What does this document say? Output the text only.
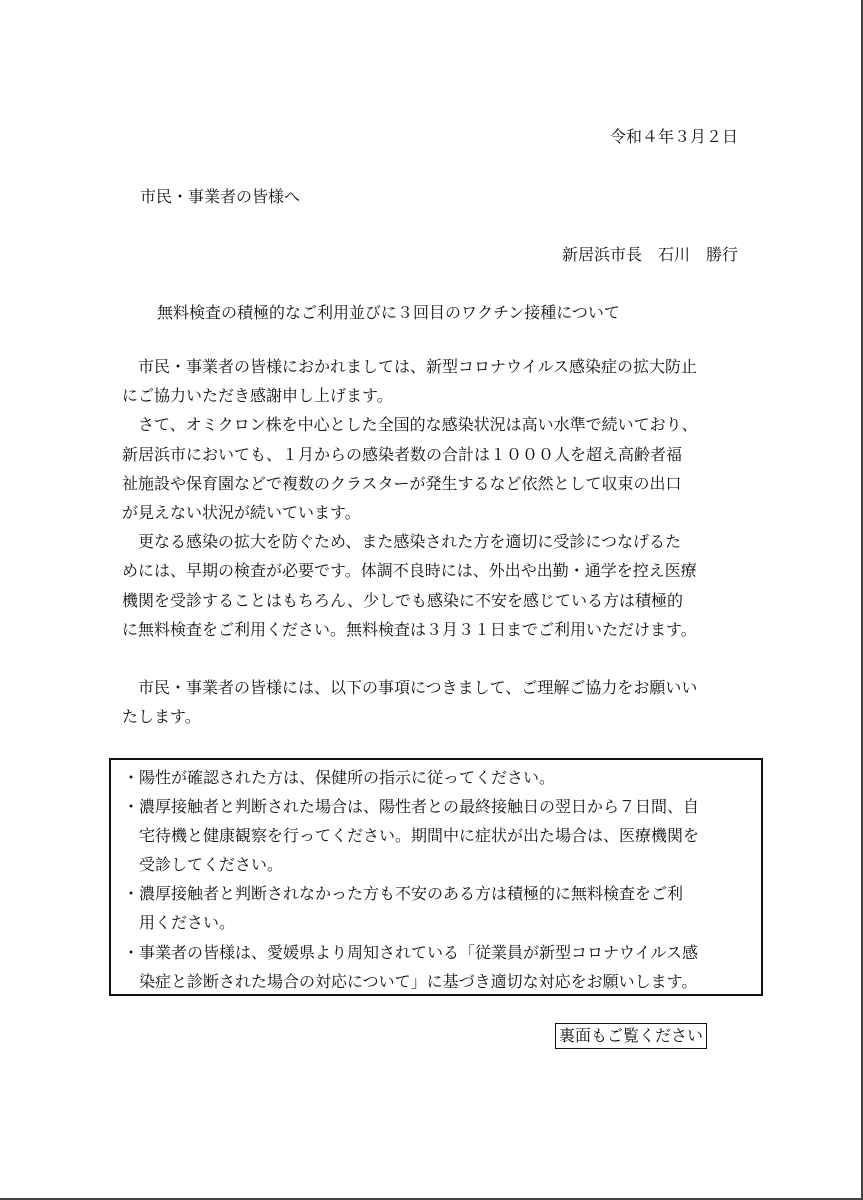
令和４年３月２日
市民・事業者の皆様へ
新居浜市長　石川　勝行
無料検査の積極的なご利用並びに３回目のワクチン接種について
　市民・事業者の皆様におかれましては、新型コロナウイルス感染症の拡大防止
にご協力いただき感謝申し上げます。
　さて、オミクロン株を中心とした全国的な感染状況は高い水準で続いており、
新居浜市においても、１月からの感染者数の合計は１０００人を超え高齢者福
祉施設や保育園などで複数のクラスターが発生するなど依然として収束の出口
が見えない状況が続いています。
　更なる感染の拡大を防ぐため、また感染された方を適切に受診につなげるた
めには、早期の検査が必要です。体調不良時には、外出や出勤・通学を控え医療
機関を受診することはもちろん、少しでも感染に不安を感じている方は積極的
に無料検査をご利用ください。無料検査は３月３１日までご利用いただけます。
　市民・事業者の皆様には、以下の事項につきまして、ご理解ご協力をお願いい
たします。
・陽性が確認された方は、保健所の指示に従ってください。
・濃厚接触者と判断された場合は、陽性者との最終接触日の翌日から７日間、自
　宅待機と健康観察を行ってください。期間中に症状が出た場合は、医療機関を
　受診してください。
・濃厚接触者と判断されなかった方も不安のある方は積極的に無料検査をご利
　用ください。
・事業者の皆様は、愛媛県より周知されている「従業員が新型コロナウイルス感
　染症と診断された場合の対応について」に基づき適切な対応をお願いします。
裏面もご覧ください
